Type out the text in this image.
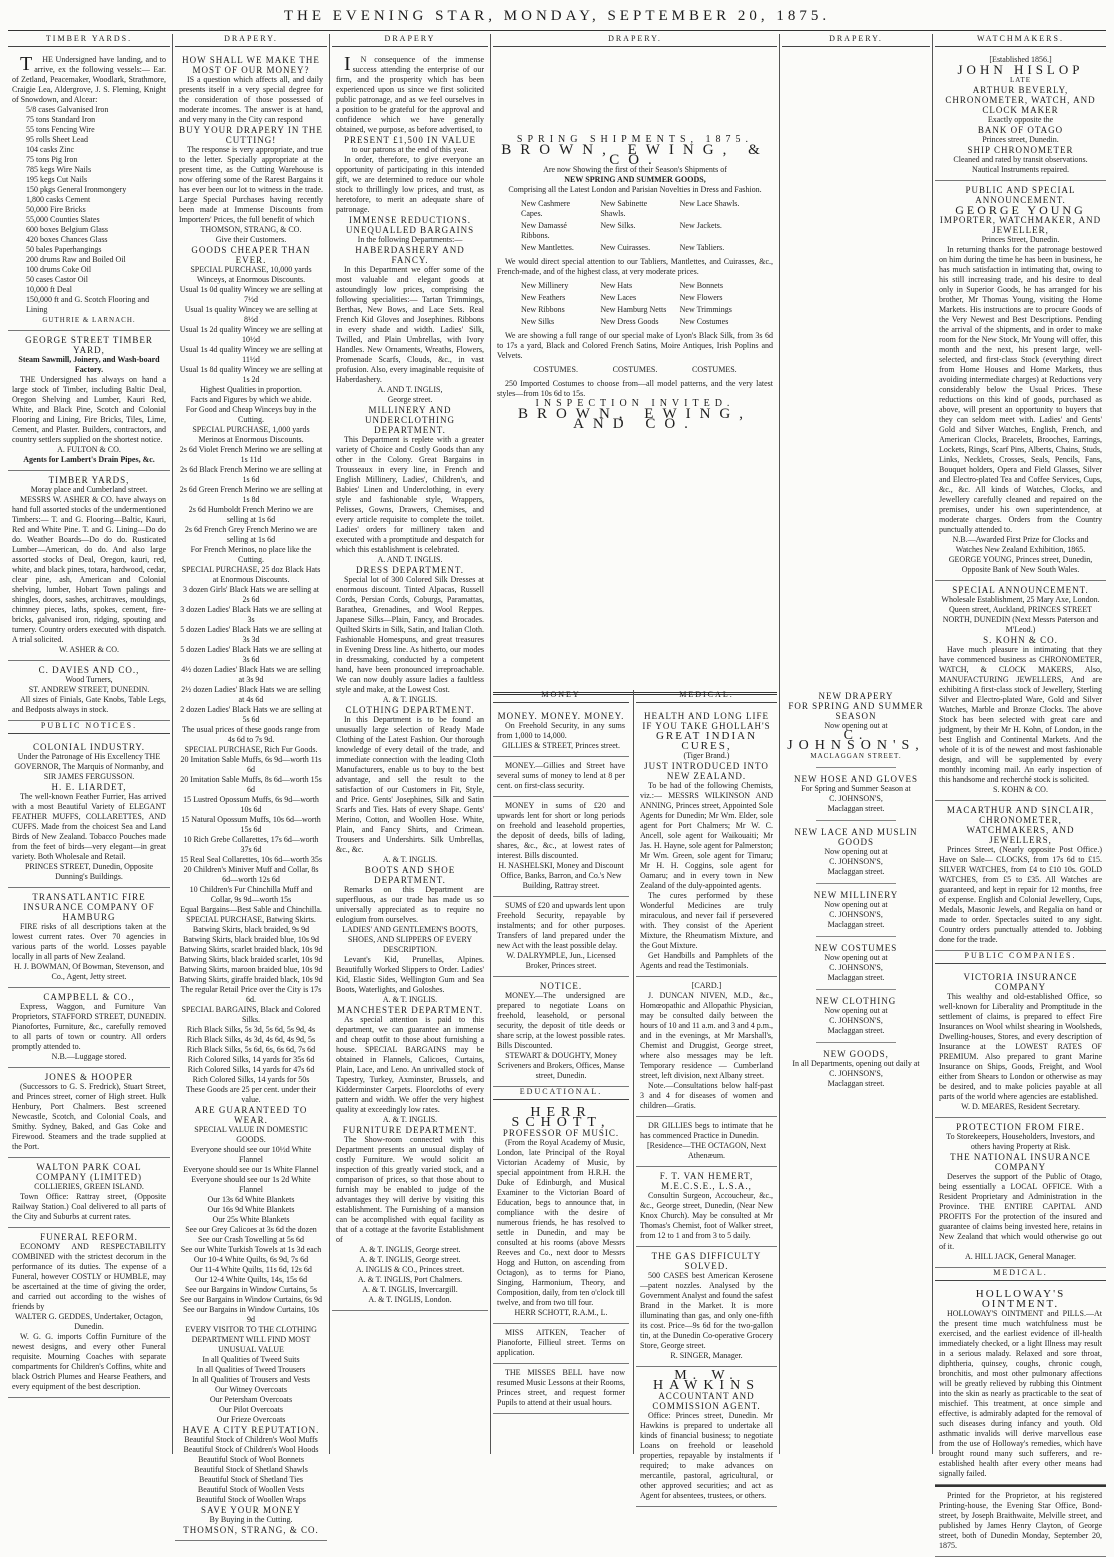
THE EVENING STAR, MONDAY, SEPTEMBER 20, 1875.
TIMBER YARDS.

THE Undersigned have landing, and to arrive, ex the following vessels:— Ear. of Zetland, Peacemaker, Woodlark, Strathmore, Craigie Lea, Aldergrove, J. S. Fleming, Knight of Snowdown, and Alcear:

5/8 cases Galvanised Iron
75 tons Standard Iron
55 tons Fencing Wire
95 rolls Sheet Lead
104 casks Zinc
75 tons Pig Iron
785 kegs Wire Nails
195 kegs Cut Nails
150 pkgs General Ironmongery
1,800 casks Cement
50,000 Fire Bricks
55,000 Counties Slates
600 boxes Belgium Glass
420 boxes Chances Glass
50 bales Paperhangings
200 drums Raw and Boiled Oil
100 drums Coke Oil
50 cases Castor Oil
10,000 ft Deal
150,000 ft and G. Scotch Flooring and Lining

GUTHRIE & LARNACH.

GEORGE STREET TIMBER YARD,

Steam Sawmill, Joinery, and Wash-board Factory.

THE Undersigned has always on hand a large stock of Timber, including Baltic Deal, Oregon Shelving and Lumber, Kauri Red, White, and Black Pine, Scotch and Colonial Flooring and Lining, Fire Bricks, Tiles, Lime, Cement, and Plaster. Builders, contractors, and country settlers supplied on the shortest notice.

A. FULTON & CO.

Agents for Lambert's Drain Pipes, &c.

TIMBER YARDS,

Moray place and Cumberland street.

MESSRS W. ASHER & CO. have always on hand full assorted stocks of the undermentioned Timbers:— T. and G. Flooring—Baltic, Kauri, Red and White Pine. T. and G. Lining—Do do do. Weather Boards—Do do do. Rusticated Lumber—American, do do. And also large assorted stocks of Deal, Oregon, kauri, red, white, and black pines, totara, hardwood, cedar, clear pine, ash, American and Colonial shelving, lumber, Hobart Town palings and shingles, doors, sashes, architraves, mouldings, chimney pieces, laths, spokes, cement, fire-bricks, galvanised iron, ridging, spouting and turnery. Country orders executed with dispatch. A trial solicited.

W. ASHER & CO.

C. DAVIES AND CO.,

Wood Turners,

ST. ANDREW STREET, DUNEDIN.

All sizes of Finials, Gate Knobs, Table Legs, and Bedposts always in stock.

PUBLIC NOTICES.

COLONIAL INDUSTRY.

Under the Patronage of His Excellency THE GOVERNOR, The Marquis of Normanby, and SIR JAMES FERGUSSON.

H. E. LIARDET,

The well-known Feather Furrier, Has arrived with a most Beautiful Variety of ELEGANT FEATHER MUFFS, COLLARETTES, AND CUFFS. Made from the choicest Sea and Land Birds of New Zealand. Tobacco Pouches made from the feet of birds—very elegant—in great variety. Both Wholesale and Retail.

PRINCES STREET, Dunedin, Opposite Dunning's Buildings.

TRANSATLANTIC FIRE INSURANCE COMPANY OF HAMBURG

FIRE risks of all descriptions taken at the lowest current rates. Over 70 agencies in various parts of the world. Losses payable locally in all parts of New Zealand.

H. J. BOWMAN, Of Bowman, Stevenson, and Co., Agent, Jetty street.

CAMPBELL & CO.,

Express, Waggon, and Furniture Van Proprietors, STAFFORD STREET, DUNEDIN. Pianofortes, Furniture, &c., carefully removed to all parts of town or country. All orders promptly attended to.

N.B.—Luggage stored.

JONES & HOOPER

(Successors to G. S. Fredrick), Stuart Street, and Princes street, corner of High street. Hulk Henbury, Port Chalmers. Best screened Newcastle, Scotch, and Colonial Coals, and Smithy. Sydney, Baked, and Gas Coke and Firewood. Steamers and the trade supplied at the Port.

WALTON PARK COAL COMPANY (LIMITED)

COLLIERIES, GREEN ISLAND.

Town Office: Rattray street, (Opposite Railway Station.) Coal delivered to all parts of the City and Suburbs at current rates.

FUNERAL REFORM.

ECONOMY AND RESPECTABILITY COMBINED with the strictest decorum in the performance of its duties. The expense of a Funeral, however COSTLY or HUMBLE, may be ascertained at the time of giving the order, and carried out according to the wishes of friends by

WALTER G. GEDDES, Undertaker, Octagon, Dunedin.

W. G. G. imports Coffin Furniture of the newest designs, and every other Funeral requisite. Mourning Coaches with separate compartments for Children's Coffins, white and black Ostrich Plumes and Hearse Feathers, and every equipment of the best description.

DRAPERY.

HOW SHALL WE MAKE THE MOST OF OUR MONEY?

IS a question which affects all, and daily presents itself in a very special degree for the consideration of those possessed of moderate incomes. The answer is at hand, and very many in the City can respond

BUY YOUR DRAPERY IN THE CUTTING!

The response is very appropriate, and true to the letter. Specially appropriate at the present time, as the Cutting Warehouse is now offering some of the Rarest Bargains it has ever been our lot to witness in the trade. Large Special Purchases having recently been made at Immense Discounts from Importers' Prices, the full benefit of which

THOMSON, STRANG, & CO.

Give their Customers.

GOODS CHEAPER THAN EVER.

SPECIAL PURCHASE, 10,000 yards Winceys, at Enormous Discounts.

Usual 1s 0d quality Wincey we are selling at 7½d
Usual 1s quality Wincey we are selling at 8½d
Usual 1s 2d quality Wincey we are selling at 10½d
Usual 1s 4d quality Wincey we are selling at 11½d
Usual 1s 8d quality Wincey we are selling at 1s 2d

Highest Qualities in proportion.

Facts and Figures by which we abide.

For Good and Cheap Winceys buy in the Cutting.

SPECIAL PURCHASE, 1,000 yards Merinos at Enormous Discounts.

2s 6d Violet French Merino we are selling at 1s 11d
2s 6d Black French Merino we are selling at 1s 6d
2s 6d Green French Merino we are selling at 1s 8d
2s 6d Humboldt French Merino we are selling at 1s 6d
2s 6d French Grey French Merino we are selling at 1s 6d

For French Merinos, no place like the Cutting.

SPECIAL PURCHASE, 25 doz Black Hats at Enormous Discounts.

3 dozen Girls' Black Hats we are selling at 2s 6d
3 dozen Ladies' Black Hats we are selling at 3s
5 dozen Ladies' Black Hats we are selling at 3s 3d
5 dozen Ladies' Black Hats we are selling at 3s 6d
4½ dozen Ladies' Black Hats we are selling at 3s 9d
2½ dozen Ladies' Black Hats we are selling at 4s 6d
2 dozen Ladies' Black Hats we are selling at 5s 6d

The usual prices of these goods range from 4s 6d to 7s 9d.

SPECIAL PURCHASE, Rich Fur Goods.

20 Imitation Sable Muffs, 6s 9d—worth 11s 6d
20 Imitation Sable Muffs, 8s 6d—worth 15s 6d
15 Lustred Opossum Muffs, 6s 9d—worth 10s 6d
15 Natural Opossum Muffs, 10s 6d—worth 15s 6d
10 Rich Grebe Collarettes, 17s 6d—worth 37s 6d
15 Real Seal Collarettes, 10s 6d—worth 35s
20 Children's Miniver Muff and Collar, 8s 6d—worth 12s 6d
10 Children's Fur Chinchilla Muff and Collar, 9s 9d—worth 15s

Equal Bargains—Best Sable and Chinchilla.

SPECIAL PURCHASE, Batwing Skirts.

Batwing Skirts, black braided, 9s 9d
Batwing Skirts, black braided blue, 10s 9d
Batwing Skirts, scarlet braided black, 10s 9d
Batwing Skirts, black braided scarlet, 10s 9d
Batwing Skirts, maroon braided blue, 10s 9d
Batwing Skirts, giraffe braided black, 10s 9d

The regular Retail Price over the City is 17s 6d.

SPECIAL BARGAINS, Black and Colored Silks.

Rich Black Silks, 5s 3d, 5s 6d, 5s 9d, 4s
Rich Black Silks, 4s 3d, 4s 6d, 4s 9d, 5s
Rich Black Silks, 5s 6d, 6s, 6s 6d, 7s 6d
Rich Colored Silks, 14 yards for 35s 6d
Rich Colored Silks, 14 yards for 47s 6d
Rich Colored Silks, 14 yards for 50s

These Goods are 25 per cent. under their value.

ARE GUARANTEED TO WEAR.

SPECIAL VALUE IN DOMESTIC GOODS.

Everyone should see our 10½d White Flannel
Everyone should see our 1s White Flannel
Everyone should see our 1s 2d White Flannel
Our 13s 6d White Blankets
Our 16s 9d White Blankets
Our 25s White Blankets
See our Grey Calicoes at 3s 6d the dozen
See our Crash Towelling at 5s 6d
See our White Turkish Towels at 1s 3d each
Our 10-4 White Quilts, 6s 9d, 7s 6d
Our 11-4 White Quilts, 11s 6d, 12s 6d
Our 12-4 White Quilts, 14s, 15s 6d
See our Bargains in Window Curtains, 5s
See our Bargains in Window Curtains, 6s 9d
See our Bargains in Window Curtains, 10s 9d

EVERY VISITOR TO THE CLOTHING DEPARTMENT WILL FIND MOST UNUSUAL VALUE

In all Qualities of Tweed Suits
In all Qualities of Tweed Trousers
In all Qualities of Trousers and Vests
Our Witney Overcoats
Our Petersham Overcoats
Our Pilot Overcoats
Our Frieze Overcoats

HAVE A CITY REPUTATION.

Beautiful Stock of Children's Wool Muffs
Beautiful Stock of Children's Wool Hoods
Beautiful Stock of Wool Bonnets
Beautiful Stock of Shetland Shawls
Beautiful Stock of Shetland Ties
Beautiful Stock of Woollen Vests
Beautiful Stock of Woollen Wraps

SAVE YOUR MONEY

By Buying in the Cutting.

THOMSON, STRANG, & CO.

DRAPERY

IN consequence of the immense success attending the enterprise of our firm, and the prosperity which has been experienced upon us since we first solicited public patronage, and as we feel ourselves in a position to be grateful for the approval and confidence which we have generally obtained, we purpose, as before advertised, to

PRESENT £1,500 IN VALUE

to our patrons at the end of this year.

In order, therefore, to give everyone an opportunity of participating in this intended gift, we are determined to reduce our whole stock to thrillingly low prices, and trust, as heretofore, to merit an adequate share of patronage.

IMMENSE REDUCTIONS.

UNEQUALLED BARGAINS

In the following Departments:—

HABERDASHERY AND FANCY.

In this Department we offer some of the most valuable and elegant goods at astoundingly low prices, comprising the following specialities:— Tartan Trimmings, Berthas, New Bows, and Lace Sets. Real French Kid Gloves and Josephines. Ribbons in every shade and width. Ladies' Silk, Twilled, and Plain Umbrellas, with Ivory Handles. New Ornaments, Wreaths, Flowers, Promenade Scarfs, Clouds, &c., in vast profusion. Also, every imaginable requisite of Haberdashery.

A. AND T. INGLIS,

George street.

MILLINERY AND UNDERCLOTHING DEPARTMENT.

This Department is replete with a greater variety of Choice and Costly Goods than any other in the Colony. Great Bargains in Trousseaux in every line, in French and English Millinery, Ladies', Children's, and Babies' Linen and Underclothing, in every style and fashionable style, Wrappers, Pelisses, Gowns, Drawers, Chemises, and every article requisite to complete the toilet. Ladies' orders for millinery taken and executed with a promptitude and despatch for which this establishment is celebrated.

A. AND T. INGLIS.

DRESS DEPARTMENT.

Special lot of 300 Colored Silk Dresses at enormous discount. Tinted Alpacas, Russell Cords, Persian Cords, Coburgs, Paramattas, Barathea, Grenadines, and Wool Reppes. Japanese Silks—Plain, Fancy, and Brocades. Quilted Skirts in Silk, Satin, and Italian Cloth. Fashionable Homespuns, and great treasures in Evening Dress line. As hitherto, our modes in dressmaking, conducted by a competent hand, have been pronounced irreproachable. We can now doubly assure ladies a faultless style and make, at the Lowest Cost.

A. & T. INGLIS.

CLOTHING DEPARTMENT.

In this Department is to be found an unusually large selection of Ready Made Clothing of the Latest Fashion. Our thorough knowledge of every detail of the trade, and immediate connection with the leading Cloth Manufacturers, enable us to buy to the best advantage, and sell the result to the satisfaction of our Customers in Fit, Style, and Price. Gents' Josephines, Silk and Satin Scarfs and Ties. Hats of every Shape. Gents' Merino, Cotton, and Woollen Hose. White, Plain, and Fancy Shirts, and Crimean. Trousers and Undershirts. Silk Umbrellas, &c., &c.

A. & T. INGLIS.

BOOTS AND SHOE DEPARTMENT.

Remarks on this Department are superfluous, as our trade has made us so universally appreciated as to require no eulogium from ourselves.

LADIES' AND GENTLEMEN'S BOOTS, SHOES, AND SLIPPERS OF EVERY DESCRIPTION.

Levant's Kid, Prunellas, Alpines. Beautifully Worked Slippers to Order. Ladies' Kid, Elastic Sides, Wellington Gum and Sea Boots, Waterlights, and Goloshes.

A. & T. INGLIS.

MANCHESTER DEPARTMENT.

As special attention is paid to this department, we can guarantee an immense and cheap outfit to those about furnishing a house. SPECIAL BARGAINS may be obtained in Flannels, Calicoes, Curtains, Plain, Lace, and Leno. An unrivalled stock of Tapestry, Turkey, Axminster, Brussels, and Kidderminster Carpets. Floorcloths of every pattern and width. We offer the very highest quality at exceedingly low rates.

A. & T. INGLIS.

FURNITURE DEPARTMENT.

The Show-room connected with this Department presents an unusual display of costly Furniture. We would solicit an inspection of this greatly varied stock, and a comparison of prices, so that those about to furnish may be enabled to judge of the advantages they will derive by visiting this establishment. The Furnishing of a mansion can be accomplished with equal facility as that of a cottage at the favorite Establishment of

A. & T. INGLIS, George street.

A. & T. INGLIS, George street.

A. INGLIS & CO., Princes street.

A. & T. INGLIS, Port Chalmers.

A. & T. INGLIS, Invercargill.

A. & T. INGLIS, London.

DRAPERY.

SPRING SHIPMENTS, 1875.

BROWN, EWING, & CO.

Are now Showing the first of their Season's Shipments of

NEW SPRING AND SUMMER GOODS,

Comprising all the Latest London and Parisian Novelties in Dress and Fashion.

New Cashmere Capes.
New Sabinette Shawls.
New Lace Shawls.
New Damassé Ribbons.
New Silks.	New Jackets.
New Mantlettes.	New Cuirasses.	New Tabliers.

We would direct special attention to our Tabliers, Mantlettes, and Cuirasses, &c., French-made, and of the highest class, at very moderate prices.

New Millinery	New Hats	New Bonnets
New Feathers	New Laces	New Flowers
New Ribbons	New Hamburg Netts	New Trimmings
New Silks	New Dress Goods	New Costumes

We are showing a full range of our special make of Lyon's Black Silk, from 3s 6d to 17s a yard, Black and Colored French Satins, Moire Antiques, Irish Poplins and Velvets.

COSTUMES.	COSTUMES.	COSTUMES.

250 Imported Costumes to choose from—all model patterns, and the very latest styles—from 10s 6d to 15s.

INSPECTION INVITED.

BROWN, EWING, AND CO.

MONEY

MONEY. MONEY. MONEY.

On Freehold Security, in any sums from 1,000 to 14,000.

GILLIES & STREET, Princes street.

MONEY.—Gillies and Street have several sums of money to lend at 8 per cent. on first-class security.

MONEY in sums of £20 and upwards lent for short or long periods on freehold and leasehold properties, the deposit of deeds, bills of lading, shares, &c., &c., at lowest rates of interest. Bills discounted.

H. NASHELSKI, Money and Discount Office, Banks, Barron, and Co.'s New Building, Rattray street.

SUMS of £20 and upwards lent upon Freehold Security, repayable by instalments; and for other purposes. Transfers of land prepared under the new Act with the least possible delay.

W. DALRYMPLE, Jun., Licensed Broker, Princes street.

NOTICE.

MONEY.—The undersigned are prepared to negotiate Loans on freehold, leasehold, or personal security, the deposit of title deeds or share scrip, at the lowest possible rates. Bills Discounted.

STEWART & DOUGHTY, Money Scriveners and Brokers, Offices, Manse street, Dunedin.

EDUCATIONAL.

HERR SCHOTT,

PROFESSOR OF MUSIC.

(From the Royal Academy of Music, London, late Principal of the Royal Victorian Academy of Music, by special appointment from H.R.H. the Duke of Edinburgh, and Musical Examiner to the Victorian Board of Education, begs to announce that, in compliance with the desire of numerous friends, he has resolved to settle in Dunedin, and may be consulted at his rooms (above Messrs Reeves and Co., next door to Messrs Hogg and Hutton, on ascending from Octagon), as to terms for Piano, Singing, Harmonium, Theory, and Composition, daily, from ten o'clock till twelve, and from two till four.

HERR SCHOTT, R.A.M., L.

MISS AITKEN, Teacher of Pianoforte, Fillieul street. Terms on application.

THE MISSES BELL have now resumed Music Lessons at their Rooms, Princes street, and request former Pupils to attend at their usual hours.

MEDICAL.

HEALTH AND LONG LIFE IF YOU TAKE GHOLLAH'S

GREAT INDIAN CURES,

(Tiger Brand.)

JUST INTRODUCED INTO NEW ZEALAND.

To be had of the following Chemists, viz.:— MESSRS WILKINSON AND ANNING, Princes street, Appointed Sole Agents for Dunedin; Mr Wm. Elder, sole agent for Port Chalmers; Mr W. C. Ancell, sole agent for Waikouaiti; Mr Jas. H. Hayne, sole agent for Palmerston; Mr Wm. Green, sole agent for Timaru; Mr H. H. Coggins, sole agent for Oamaru; and in every town in New Zealand of the duly-appointed agents.

The cures performed by these Wonderful Medicines are truly miraculous, and never fail if persevered with. They consist of the Aperient Mixture, the Rheumatism Mixture, and the Gout Mixture.

Get Handbills and Pamphlets of the Agents and read the Testimonials.

[CARD.]

J. DUNCAN NIVEN, M.D., &c., Homœopathic and Allopathic Physician, may be consulted daily between the hours of 10 and 11 a.m. and 3 and 4 p.m., and in the evenings, at Mr Marshall's, Chemist and Druggist, George street, where also messages may be left. Temporary residence — Cumberland street, left division, next Albany street.

Note.—Consultations below half-past 3 and 4 for diseases of women and children—Gratis.

DR GILLIES begs to intimate that he has commenced Practice in Dunedin.

[Residence—THE OCTAGON, Next Athenæum.

F. T. VAN HEMERT, M.E.C.S.E., L.S.A.,

Consultin Surgeon, Accoucheur, &c., &c., George street, Dunedin, (Near New Knox Church). May be consulted at Mr Thomas's Chemist, foot of Walker street, from 12 to 1 and from 3 to 5 daily.

THE GAS DIFFICULTY SOLVED.

500 CASES best American Kerosene—patent nozzles. Analysed by the Government Analyst and found the safest Brand in the Market. It is more illuminating than gas, and only one-fifth its cost. Price—9s 6d for the two-gallon tin, at the Dunedin Co-operative Grocery Store, George street.

R. SINGER, Manager.

M. W. HAWKINS

ACCOUNTANT AND COMMISSION AGENT.

Office: Princes street, Dunedin. Mr Hawkins is prepared to undertake all kinds of financial business; to negotiate Loans on freehold or leasehold properties, repayable by instalments if required; to make advances on mercantile, pastoral, agricultural, or other approved securities; and act as Agent for absentees, trustees, or others.

DRAPERY.

NEW DRAPERY

FOR SPRING AND SUMMER SEASON

Now opening out at

C. JOHNSON'S,

MACLAGGAN STREET.

NEW HOSE AND GLOVES

For Spring and Summer Season at

C. JOHNSON'S,

Maclaggan street.

NEW LACE AND MUSLIN GOODS

Now opening out at

C. JOHNSON'S,

Maclaggan street.

NEW MILLINERY

Now opening out at

C. JOHNSON'S,

Maclaggan street.

NEW COSTUMES

Now opening out at

C. JOHNSON'S,

Maclaggan street.

NEW CLOTHING

Now opening out at

C. JOHNSON'S,

Maclaggan street.

NEW GOODS,

In all Departments, opening out daily at

C. JOHNSON'S,

Maclaggan street.

WATCHMAKERS.

[Established 1856.]

JOHN HISLOP

LATE

ARTHUR BEVERLY,

CHRONOMETER, WATCH, AND CLOCK MAKER

Exactly opposite the

BANK OF OTAGO

Princes street, Dunedin.

SHIP CHRONOMETER

Cleaned and rated by transit observations. Nautical Instruments repaired.

PUBLIC AND SPECIAL ANNOUNCEMENT.

GEORGE YOUNG

IMPORTER, WATCHMAKER, AND JEWELLER,

Princes Street, Dunedin.

In returning thanks for the patronage bestowed on him during the time he has been in business, he has much satisfaction in intimating that, owing to his still increasing trade, and his desire to deal only in Superior Goods, he has arranged for his brother, Mr Thomas Young, visiting the Home Markets. His instructions are to procure Goods of the Very Newest and Best Descriptions. Pending the arrival of the shipments, and in order to make room for the New Stock, Mr Young will offer, this month and the next, his present large, well-selected, and first-class Stock (everything direct from Home Houses and Home Markets, thus avoiding intermediate charges) at Reductions very considerably below the Usual Prices. These reductions on this kind of goods, purchased as above, will present an opportunity to buyers that they can seldom meet with. Ladies' and Gents' Gold and Silver Watches, English, French, and American Clocks, Bracelets, Brooches, Earrings, Lockets, Rings, Scarf Pins, Alberts, Chains, Studs, Links, Necklets, Crosses, Seals, Pencils, Fans, Bouquet holders, Opera and Field Glasses, Silver and Electro-plated Tea and Coffee Services, Cups, &c., &c. All kinds of Watches, Clocks, and Jewellery carefully cleaned and repaired on the premises, under his own superintendence, at moderate charges. Orders from the Country punctually attended to.

N.B.—Awarded First Prize for Clocks and Watches New Zealand Exhibition, 1865.

GEORGE YOUNG, Princes street, Dunedin, Opposite Bank of New South Wales.

SPECIAL ANNOUNCEMENT.

Wholesale Establishment, 25 Mary Axe, London.

Queen street, Auckland, PRINCES STREET NORTH, DUNEDIN (Next Messrs Paterson and M'Leod.)

S. KOHN & CO.

Have much pleasure in intimating that they have commenced business as CHRONOMETER, WATCH, & CLOCK MAKERS, Also, MANUFACTURING JEWELLERS, And are exhibiting A first-class stock of Jewellery, Sterling Silver and Electro-plated Ware, Gold and Silver Watches, Marble and Bronze Clocks. The above Stock has been selected with great care and judgment, by their Mr H. Kohn, of London, in the best English and Continental Markets. And the whole of it is of the newest and most fashionable design, and will be supplemented by every monthly incoming mail. An early inspection of this handsome and recherché stock is solicited.

S. KOHN & CO.

MACARTHUR AND SINCLAIR,

CHRONOMETER, WATCHMAKERS, AND JEWELLERS,

Princes Street, (Nearly opposite Post Office.) Have on Sale— CLOCKS, from 17s 6d to £15. SILVER WATCHES, from £4 to £10 10s. GOLD WATCHES, from £5 to £35. All Watches are guaranteed, and kept in repair for 12 months, free of expense. English and Colonial Jewellery, Cups, Medals, Masonic Jewels, and Regalia on hand or made to order. Spectacles suited to any sight. Country orders punctually attended to. Jobbing done for the trade.

PUBLIC COMPANIES.

VICTORIA INSURANCE COMPANY

This wealthy and old-established Office, so well-known for Liberality and Promptitude in the settlement of claims, is prepared to effect Fire Insurances on Wool whilst shearing in Woolsheds, Dwelling-houses, Stores, and every description of Insurance at the LOWEST RATES OF PREMIUM. Also prepared to grant Marine Insurance on Ships, Goods, Freight, and Wool either from Shears to London or otherwise as may be desired, and to make policies payable at all parts of the world where agencies are established.

W. D. MEARES, Resident Secretary.

PROTECTION FROM FIRE.

To Storekeepers, Householders, Investors, and others having Property at Risk.

THE NATIONAL INSURANCE COMPANY

Deserves the support of the Public of Otago, being essentially a LOCAL OFFICE. With a Resident Proprietary and Administration in the Province. THE ENTIRE CAPITAL AND PROFITS For the protection of the insured and guarantee of claims being invested here, retains in New Zealand that which would otherwise go out of it.

A. HILL JACK, General Manager.

MEDICAL.

HOLLOWAY'S OINTMENT.

HOLLOWAY'S OINTMENT and PILLS.—At the present time much watchfulness must be exercised, and the earliest evidence of ill-health immediately checked, or a light Illness may result in a serious malady. Relaxed and sore throat, diphtheria, quinsey, coughs, chronic cough, bronchitis, and most other pulmonary affections will be greatly relieved by rubbing this Ointment into the skin as nearly as practicable to the seat of mischief. This treatment, at once simple and effective, is admirably adapted for the removal of such diseases during infancy and youth. Old asthmatic invalids will derive marvellous ease from the use of Holloway's remedies, which have brought round many such sufferers, and re-established health after every other means had signally failed.

Printed for the Proprietor, at his registered Printing-house, the Evening Star Office, Bond-street, by Joseph Braithwaite, Melville street, and published by James Henry Clayton, of George street, both of Dunedin Monday, September 20, 1875.
